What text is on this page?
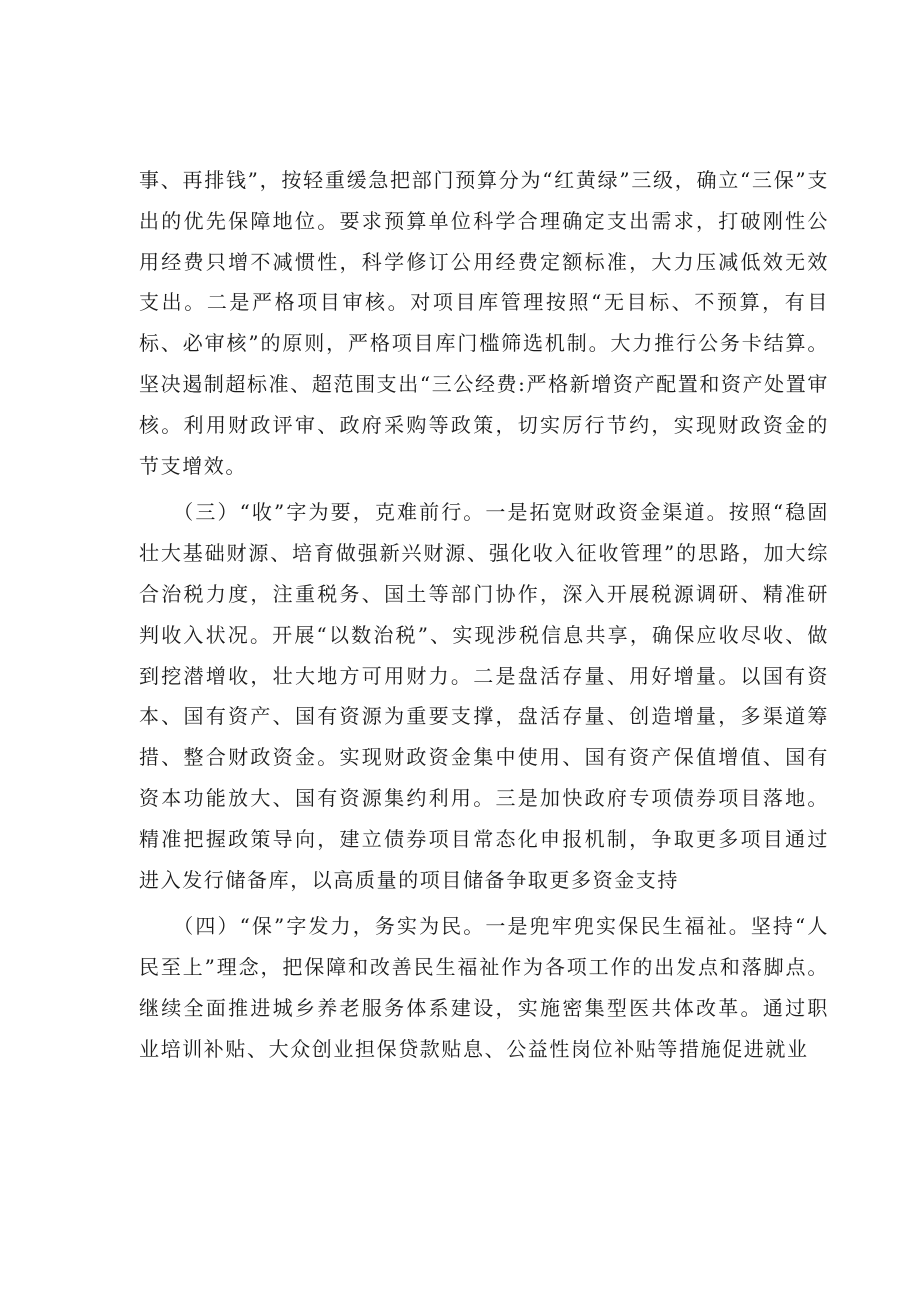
事、再排钱”，按轻重缓急把部门预算分为“红黄绿”三级，确立“三保”支出的优先保障地位。要求预算单位科学合理确定支出需求，打破刚性公用经费只增不减惯性，科学修订公用经费定额标准，大力压减低效无效支出。二是严格项目审核。对项目库管理按照“无目标、不预算，有目标、必审核”的原则，严格项目库门槛筛选机制。大力推行公务卡结算。坚决遏制超标准、超范围支出“三公经费:严格新增资产配置和资产处置审核。利用财政评审、政府采购等政策，切实厉行节约，实现财政资金的节支增效。

　　（三）“收”字为要，克难前行。一是拓宽财政资金渠道。按照“稳固壮大基础财源、培育做强新兴财源、强化收入征收管理”的思路，加大综合治税力度，注重税务、国土等部门协作，深入开展税源调研、精准研判收入状况。开展“以数治税”、实现涉税信息共享，确保应收尽收、做到挖潜增收，壮大地方可用财力。二是盘活存量、用好增量。以国有资本、国有资产、国有资源为重要支撑，盘活存量、创造增量，多渠道筹措、整合财政资金。实现财政资金集中使用、国有资产保值增值、国有资本功能放大、国有资源集约利用。三是加快政府专项债券项目落地。精准把握政策导向，建立债券项目常态化申报机制，争取更多项目通过进入发行储备库，以高质量的项目储备争取更多资金支持

　　（四）“保”字发力，务实为民。一是兜牢兜实保民生福祉。坚持“人民至上”理念，把保障和改善民生福祉作为各项工作的出发点和落脚点。继续全面推进城乡养老服务体系建设，实施密集型医共体改革。通过职业培训补贴、大众创业担保贷款贴息、公益性岗位补贴等措施促进就业
